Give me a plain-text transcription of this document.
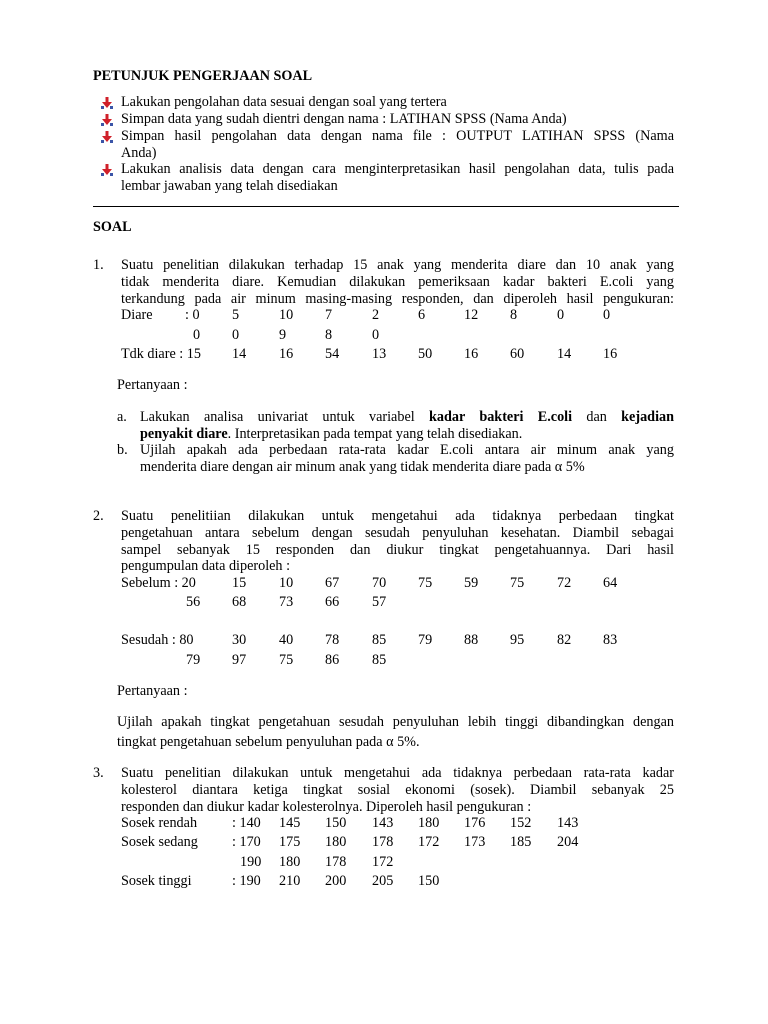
PETUNJUK PENGERJAAN SOAL
Lakukan pengolahan data sesuai dengan soal yang tertera
Simpan data yang sudah dientri dengan nama : LATIHAN SPSS (Nama Anda)
Simpan hasil pengolahan data dengan nama file : OUTPUT LATIHAN SPSS (Nama
Anda)
Lakukan analisis data dengan cara menginterpretasikan hasil pengolahan data, tulis pada
lembar jawaban yang telah disediakan
SOAL
1. Suatu penelitian dilakukan terhadap 15 anak yang menderita diare dan 10 anak yang
tidak menderita diare. Kemudian dilakukan pemeriksaan kadar bakteri E.coli yang
terkandung pada air minum masing-masing responden, dan diperoleh hasil pengukuran:
Diare : 0 5	10 7	2	6	12 8	0	0
0 0	9	8	0
Tdk diare : 15 14 16 54 13 50 16 60 14 16
Pertanyaan :
a. Lakukan analisa univariat untuk variabel kadar bakteri E.coli dan kejadian
penyakit diare. Interpretasikan pada tempat yang telah disediakan.
b. Ujilah apakah ada perbedaan rata-rata kadar E.coli antara air minum anak yang
menderita diare dengan air minum anak yang tidak menderita diare pada α 5%
2. Suatu penelitiian dilakukan untuk mengetahui ada tidaknya perbedaan tingkat
pengetahuan antara sebelum dengan sesudah penyuluhan kesehatan. Diambil sebagai
sampel sebanyak 15 responden dan diukur tingkat pengetahuannya. Dari hasil
pengumpulan data diperoleh :
Sebelum : 20	15 10 67 70 75 59 75 72 64
56 68 73 66 57
Sesudah : 80	30 40 78 85 79 88 95 82 83
79 97 75 86 85
Pertanyaan :
Ujilah apakah tingkat pengetahuan sesudah penyuluhan lebih tinggi dibandingkan dengan
tingkat pengetahuan sebelum penyuluhan pada α 5%.
3. Suatu penelitian dilakukan untuk mengetahui ada tidaknya perbedaan rata-rata kadar
kolesterol diantara ketiga tingkat sosial ekonomi (sosek). Diambil sebanyak 25
responden dan diukur kadar kolesterolnya. Diperoleh hasil pengukuran :
Sosek rendah : 140 145 150 143 180 176 152 143
Sosek sedang : 170 175 180 178 172 173 185 204
190 180 178 172
Sosek tinggi	: 190 210 200 205 150
